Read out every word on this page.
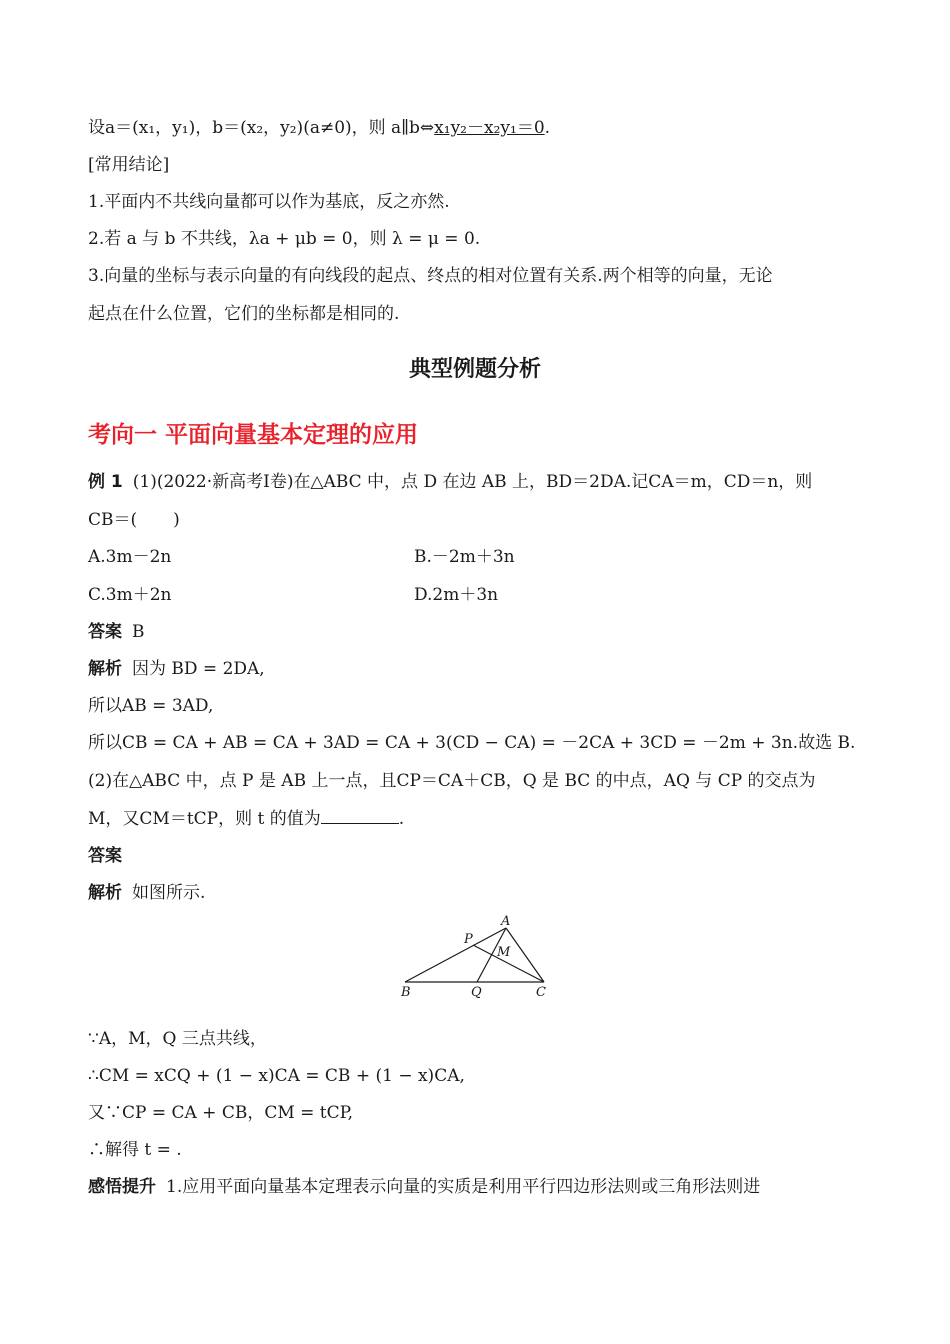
设a＝(x₁，y₁)，b＝(x₂，y₂)(a≠0)，则 a∥b⇔x₁y₂－x₂y₁＝0.
[常用结论]
1.平面内不共线向量都可以作为基底，反之亦然.
2.若 a 与 b 不共线，λa + μb = 0，则 λ = μ = 0.
3.向量的坐标与表示向量的有向线段的起点、终点的相对位置有关系.两个相等的向量，无论
起点在什么位置，它们的坐标都是相同的.
典型例题分析
考向一 平面向量基本定理的应用
例 1 (1)(2022·新高考Ⅰ卷)在△ABC 中，点 D 在边 AB 上，BD＝2DA.记CA＝m，CD＝n，则
CB＝( )
A.3m－2n	B.－2m＋3n
C.3m＋2n	D.2m＋3n
答案 B
解析 因为 BD = 2DA,
所以AB = 3AD,
所以CB = CA + AB = CA + 3AD = CA + 3(CD − CA) = －2CA + 3CD = －2m + 3n.故选 B.
(2)在△ABC 中，点 P 是 AB 上一点，且CP＝CA＋CB，Q 是 BC 的中点，AQ 与 CP 的交点为
M，又CM＝tCP，则 t 的值为	.
答案
解析 如图所示.
A
P
M
B	Q	C
∵A，M，Q 三点共线，
∴CM = xCQ + (1 − x)CA = CB + (1 − x)CA,
又∵CP = CA + CB，CM = tCP,
∴解得 t = .
感悟提升 1.应用平面向量基本定理表示向量的实质是利用平行四边形法则或三角形法则进
